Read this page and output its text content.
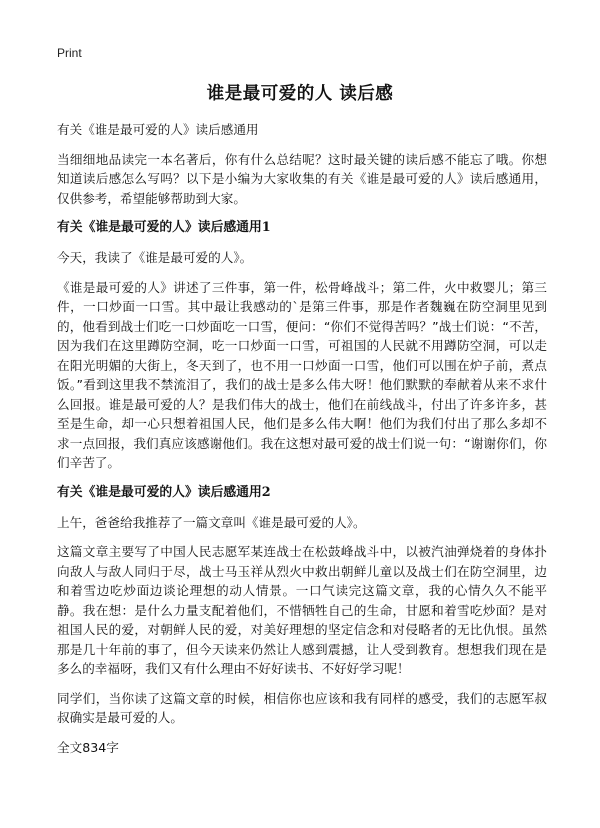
Print
谁是最可爱的人 读后感

有关《谁是最可爱的人》读后感通用

当细细地品读完一本名著后，你有什么总结呢？这时最关键的读后感不能忘了哦。你想知道读后感怎么写吗？以下是小编为大家收集的有关《谁是最可爱的人》读后感通用，仅供参考，希望能够帮助到大家。

有关《谁是最可爱的人》读后感通用1

今天，我读了《谁是最可爱的人》。

《谁是最可爱的人》讲述了三件事，第一件，松骨峰战斗；第二件，火中救婴儿；第三件，一口炒面一口雪。其中最让我感动的`是第三件事，那是作者魏巍在防空洞里见到的，他看到战士们吃一口炒面吃一口雪，便问：“你们不觉得苦吗？”战士们说：“不苦，因为我们在这里蹲防空洞，吃一口炒面一口雪，可祖国的人民就不用蹲防空洞，可以走在阳光明媚的大街上，冬天到了，也不用一口炒面一口雪，他们可以围在炉子前，煮点饭。”看到这里我不禁流泪了，我们的战士是多么伟大呀！他们默默的奉献着从来不求什么回报。谁是最可爱的人？是我们伟大的战士，他们在前线战斗，付出了许多许多，甚至是生命，却一心只想着祖国人民，他们是多么伟大啊！他们为我们付出了那么多却不求一点回报，我们真应该感谢他们。我在这想对最可爱的战士们说一句：“谢谢你们，你们辛苦了。

有关《谁是最可爱的人》读后感通用2

上午，爸爸给我推荐了一篇文章叫《谁是最可爱的人》。

这篇文章主要写了中国人民志愿军某连战士在松鼓峰战斗中，以被汽油弹烧着的身体扑向敌人与敌人同归于尽，战士马玉祥从烈火中救出朝鲜儿童以及战士们在防空洞里，边和着雪边吃炒面边谈论理想的动人情景。一口气读完这篇文章，我的心情久久不能平静。我在想：是什么力量支配着他们，不惜牺牲自己的生命，甘愿和着雪吃炒面？是对祖国人民的爱，对朝鲜人民的爱，对美好理想的坚定信念和对侵略者的无比仇恨。虽然那是几十年前的事了，但今天读来仍然让人感到震撼，让人受到教育。想想我们现在是多么的幸福呀，我们又有什么理由不好好读书、不好好学习呢！

同学们，当你读了这篇文章的时候，相信你也应该和我有同样的感受，我们的志愿军叔叔确实是最可爱的人。

全文834字
